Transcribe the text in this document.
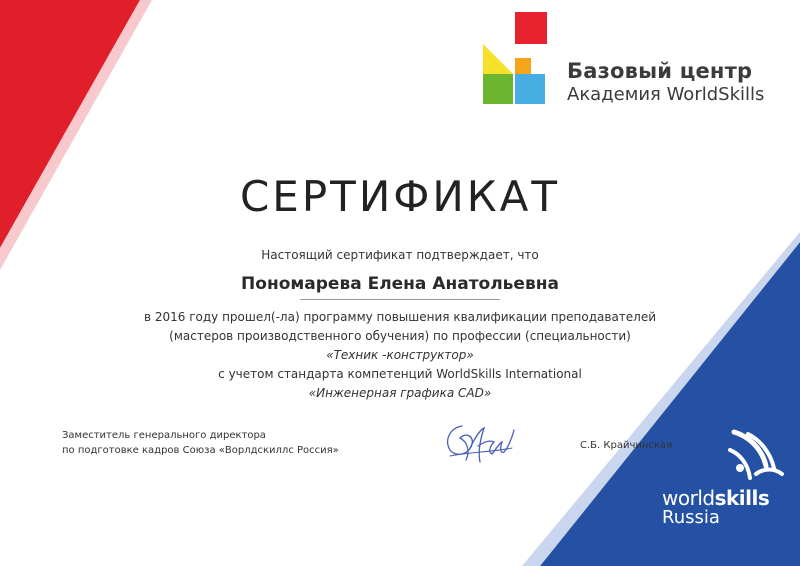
Базовый центр
Академия WorldSkills
СЕРТИФИКАТ
Настоящий сертификат подтверждает, что
Пономарева Елена Анатольевна
в 2016 году прошел(-ла) программу повышения квалификации преподавателей
(мастеров производственного обучения) по профессии (специальности)
«Техник -конструктор»
с учетом стандарта компетенций WorldSkills International
«Инженерная графика CAD»
Заместитель генерального директора
по подготовке кадров Союза «Ворлдскиллс Россия»	С.Б. Крайчинская
worldskills
Russia
